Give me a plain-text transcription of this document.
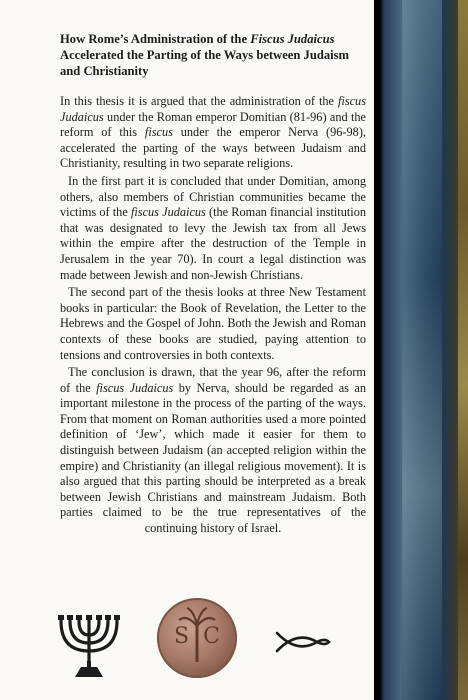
How Rome’s Administration of the Fiscus Judaicus Accelerated the Parting of the Ways between Judaism and Christianity

In this thesis it is argued that the administration of the fiscus Judaicus under the Roman emperor Domitian (81-96) and the reform of this fiscus under the emperor Nerva (96-98), accelerated the parting of the ways between Judaism and Christianity, resulting in two separate religions.

In the first part it is concluded that under Domitian, among others, also members of Christian communities became the victims of the fiscus Judaicus (the Roman financial institution that was designated to levy the Jewish tax from all Jews within the empire after the destruction of the Temple in Jerusalem in the year 70). In court a legal distinction was made between Jewish and non-Jewish Christians.

The second part of the thesis looks at three New Testament books in particular: the Book of Revelation, the Letter to the Hebrews and the Gospel of John. Both the Jewish and Roman contexts of these books are studied, paying attention to tensions and controversies in both contexts.

The conclusion is drawn, that the year 96, after the reform of the fiscus Judaicus by Nerva, should be regarded as an important milestone in the process of the parting of the ways. From that moment on Roman authorities used a more pointed definition of ‘Jew’, which made it easier for them to distinguish between Judaism (an accepted religion within the empire) and Christianity (an illegal religious movement). It is also argued that this parting should be interpreted as a break between Jewish Christians and mainstream Judaism. Both parties claimed to be the true representatives of the continuing history of Israel.

SC
